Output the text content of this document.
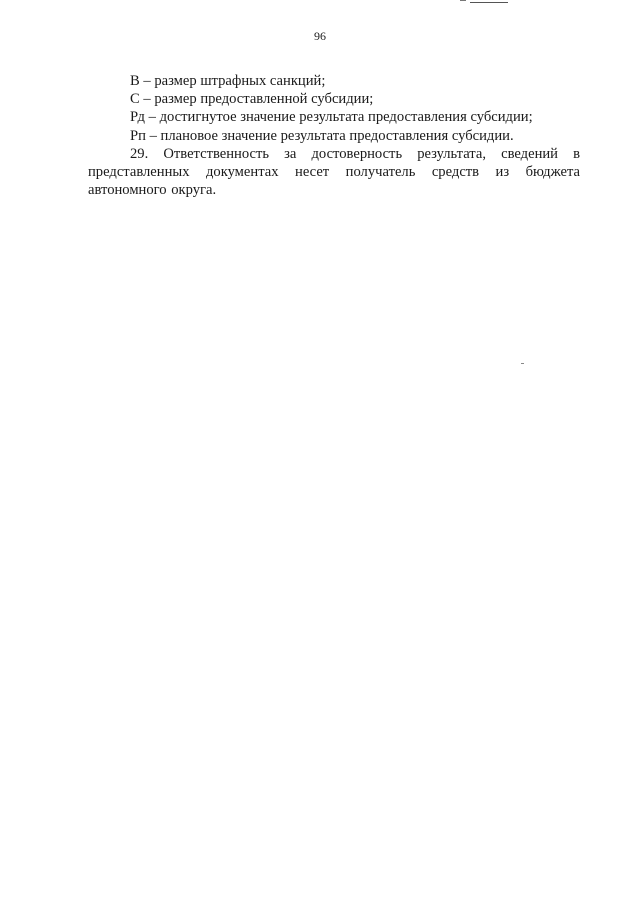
96
В – размер штрафных санкций;
С – размер предоставленной субсидии;
Рд – достигнутое значение результата предоставления субсидии;
Рп – плановое значение результата предоставления субсидии.
29. Ответственность за достоверность результата, сведений в представленных документах несет получатель средств из бюджета автономного округа.
